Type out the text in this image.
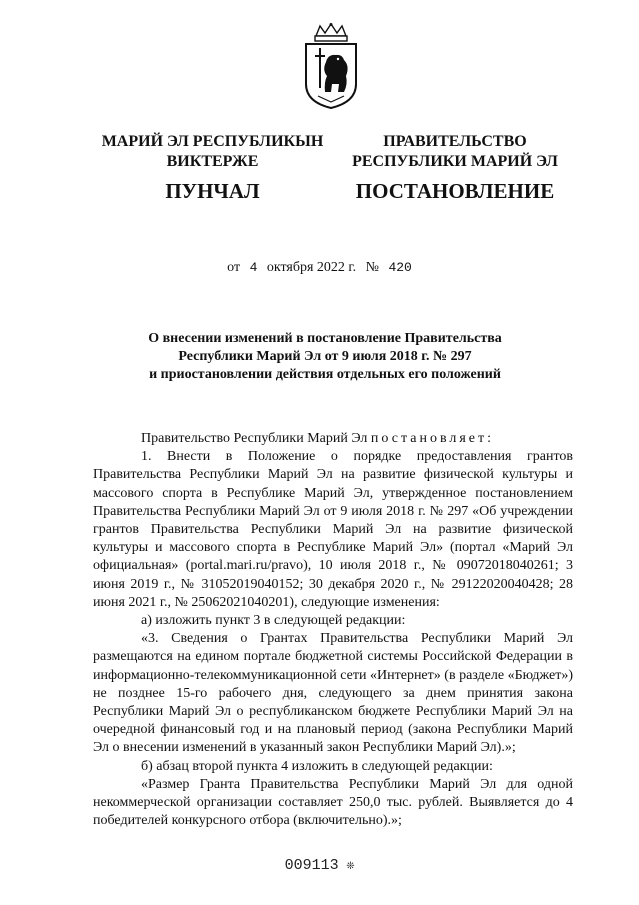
МАРИЙ ЭЛ РЕСПУБЛИКЫН
ВИКТЕРЖЕ
ПУНЧАЛ
ПРАВИТЕЛЬСТВО
РЕСПУБЛИКИ МАРИЙ ЭЛ
ПОСТАНОВЛЕНИЕ
от 4 октября 2022 г. № 420
О внесении изменений в постановление Правительства
Республики Марий Эл от 9 июля 2018 г. № 297
и приостановлении действия отдельных его положений

Правительство Республики Марий Эл постановляет:

1. Внести в Положение о порядке предоставления грантов Правительства Республики Марий Эл на развитие физической культуры и массового спорта в Республике Марий Эл, утвержденное постановлением Правительства Республики Марий Эл от 9 июля 2018 г. № 297 «Об учреждении грантов Правительства Республики Марий Эл на развитие физической культуры и массового спорта в Республике Марий Эл» (портал «Марий Эл официальная» (portal.mari.ru/pravo), 10 июля 2018 г., № 09072018040261; 3 июня 2019 г., № 31052019040152; 30 декабря 2020 г., № 29122020040428; 28 июня 2021 г., № 25062021040201), следующие изменения:

а) изложить пункт 3 в следующей редакции:

«3. Сведения о Грантах Правительства Республики Марий Эл размещаются на едином портале бюджетной системы Российской Федерации в информационно-телекоммуникационной сети «Интернет» (в разделе «Бюджет») не позднее 15-го рабочего дня, следующего за днем принятия закона Республики Марий Эл о республиканском бюджете Республики Марий Эл на очередной финансовый год и на плановый период (закона Республики Марий Эл о внесении изменений в указанный закон Республики Марий Эл).»;

б) абзац второй пункта 4 изложить в следующей редакции:

«Размер Гранта Правительства Республики Марий Эл для одной некоммерческой организации составляет 250,0 тыс. рублей. Выявляется до 4 победителей конкурсного отбора (включительно).»;

009113 ❊
